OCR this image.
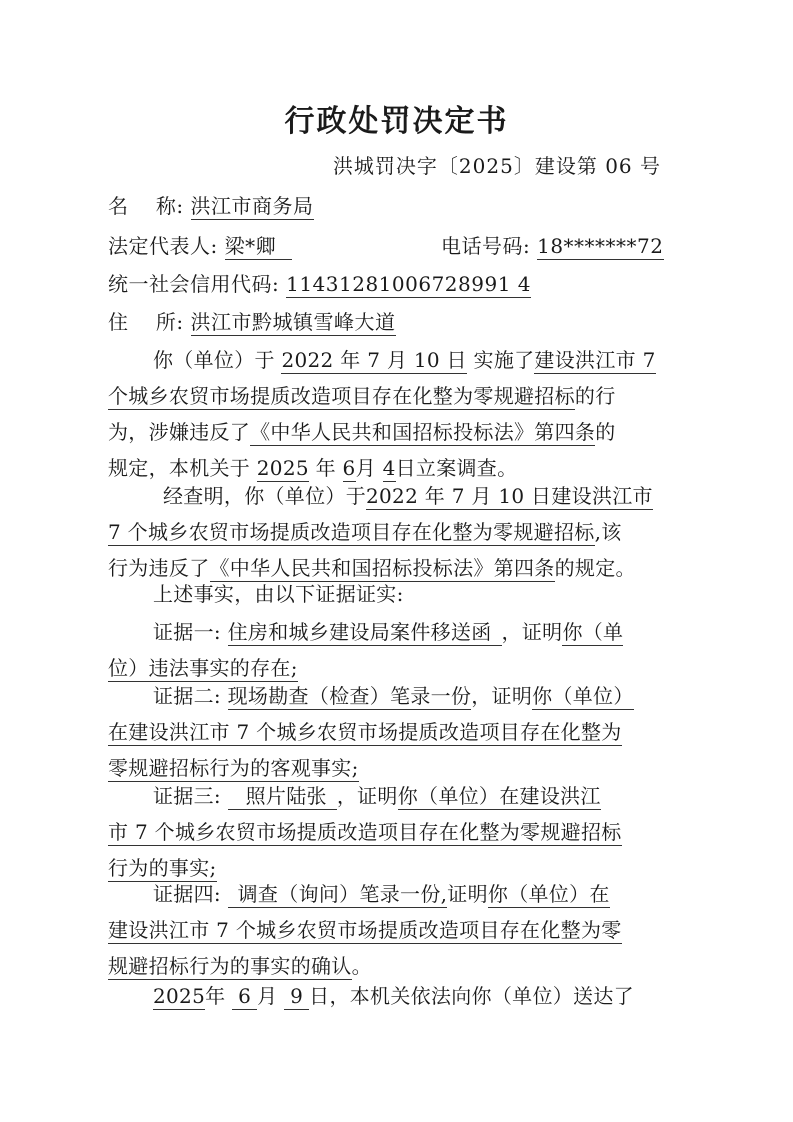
行政处罚决定书
洪城罚决字〔2025〕建设第 06 号
名    称: 洪江市商务局
法定代表人: 梁*卿	电话号码: 18*******72
统一社会信用代码: 11431281006728991 4
住    所: 洪江市黔城镇雪峰大道
你（单位）于 2022 年 7 月 10 日 实施了建设洪江市 7
个城乡农贸市场提质改造项目存在化整为零规避招标的行
为，涉嫌违反了《中华人民共和国招标投标法》第四条的
规定，本机关于 2025 年 6月 4日立案调查。
经查明，你（单位）于2022 年 7 月 10 日建设洪江市
7 个城乡农贸市场提质改造项目存在化整为零规避招标,该
行为违反了《中华人民共和国招标投标法》第四条的规定。
上述事实，由以下证据证实:
证据一: 住房和城乡建设局案件移送函 ，证明你（单
位）违法事实的存在;
证据二: 现场勘查（检查）笔录一份，证明你（单位）
在建设洪江市 7 个城乡农贸市场提质改造项目存在化整为
零规避招标行为的客观事实;
证据三: 照片陆张 ，证明你（单位）在建设洪江
市 7 个城乡农贸市场提质改造项目存在化整为零规避招标
行为的事实;
证据四: 调查（询问）笔录一份,证明你（单位）在
建设洪江市 7 个城乡农贸市场提质改造项目存在化整为零
规避招标行为的事实的确认。
2025年 6 月 9 日，本机关依法向你（单位）送达了
